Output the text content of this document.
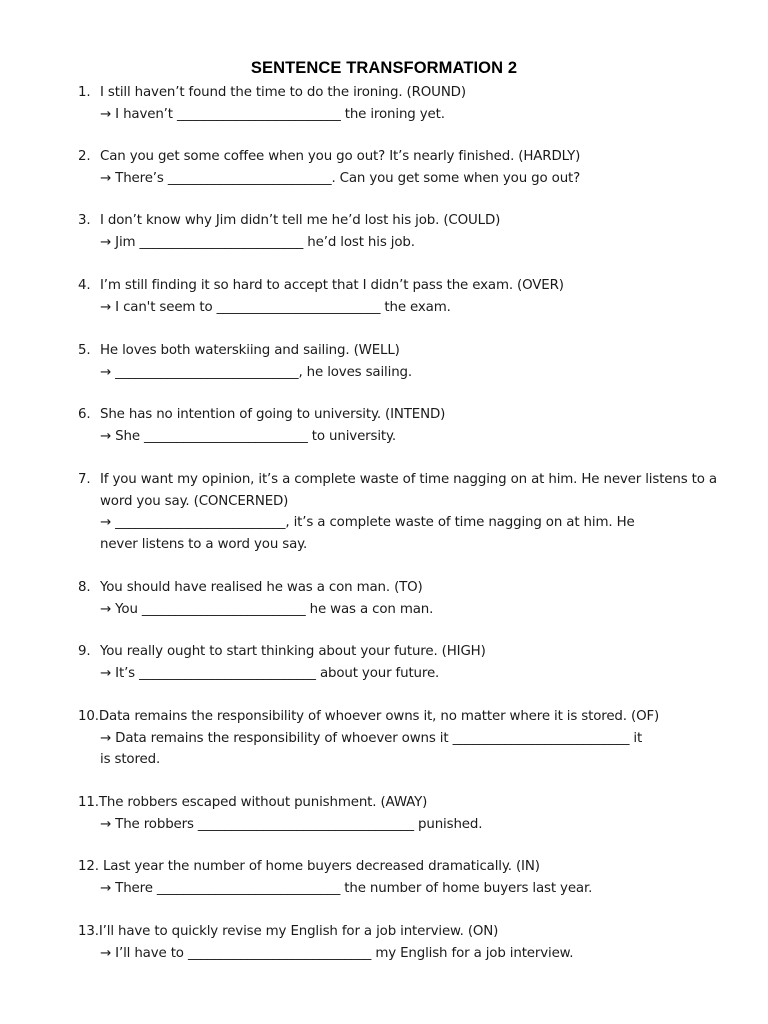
SENTENCE TRANSFORMATION 2
1. I still haven’t found the time to do the ironing. (ROUND)
→ I haven’t _________________________ the ironing yet.
2. Can you get some coffee when you go out? It’s nearly finished. (HARDLY)
→ There’s _________________________. Can you get some when you go out?
3. I don’t know why Jim didn’t tell me he’d lost his job. (COULD)
→ Jim _________________________ he’d lost his job.
4. I’m still finding it so hard to accept that I didn’t pass the exam. (OVER)
→ I can't seem to _________________________ the exam.
5. He loves both waterskiing and sailing. (WELL)
→ ____________________________, he loves sailing.
6. She has no intention of going to university. (INTEND)
→ She _________________________ to university.
7. If you want my opinion, it’s a complete waste of time nagging on at him. He never listens to a
word you say. (CONCERNED)
→ __________________________, it’s a complete waste of time nagging on at him. He
never listens to a word you say.
8. You should have realised he was a con man. (TO)
→ You _________________________ he was a con man.
9. You really ought to start thinking about your future. (HIGH)
→ It’s ___________________________ about your future.
10.Data remains the responsibility of whoever owns it, no matter where it is stored. (OF)
→ Data remains the responsibility of whoever owns it ___________________________ it
is stored.
11.The robbers escaped without punishment. (AWAY)
→ The robbers _________________________________ punished.
12. Last year the number of home buyers decreased dramatically. (IN)
→ There ____________________________ the number of home buyers last year.
13.I’ll have to quickly revise my English for a job interview. (ON)
→ I’ll have to ____________________________ my English for a job interview.
